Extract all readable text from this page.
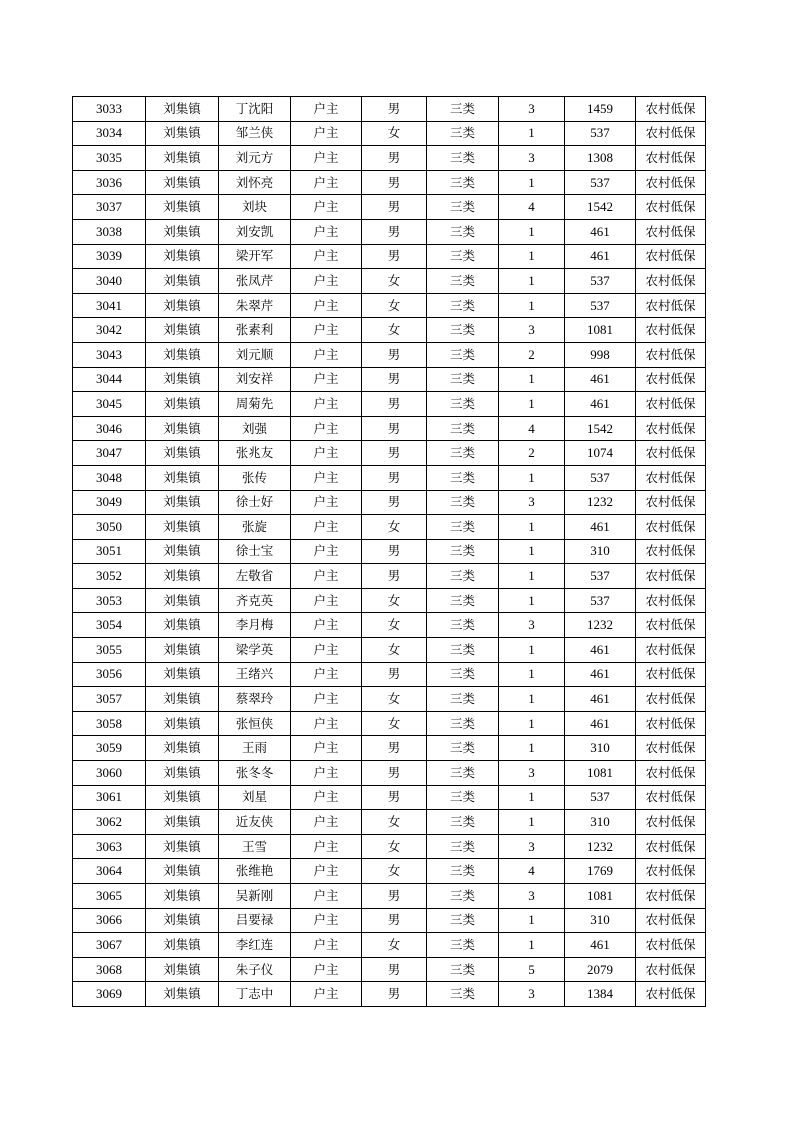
3033	刘集镇	丁沈阳	户主	男	三类	3	1459	农村低保
3034	刘集镇	邹兰侠	户主	女	三类	1	537	农村低保
3035	刘集镇	刘元方	户主	男	三类	3	1308	农村低保
3036	刘集镇	刘怀亮	户主	男	三类	1	537	农村低保
3037	刘集镇	刘块	户主	男	三类	4	1542	农村低保
3038	刘集镇	刘安凯	户主	男	三类	1	461	农村低保
3039	刘集镇	梁开军	户主	男	三类	1	461	农村低保
3040	刘集镇	张凤芹	户主	女	三类	1	537	农村低保
3041	刘集镇	朱翠芹	户主	女	三类	1	537	农村低保
3042	刘集镇	张素利	户主	女	三类	3	1081	农村低保
3043	刘集镇	刘元顺	户主	男	三类	2	998	农村低保
3044	刘集镇	刘安祥	户主	男	三类	1	461	农村低保
3045	刘集镇	周菊先	户主	男	三类	1	461	农村低保
3046	刘集镇	刘强	户主	男	三类	4	1542	农村低保
3047	刘集镇	张兆友	户主	男	三类	2	1074	农村低保
3048	刘集镇	张传	户主	男	三类	1	537	农村低保
3049	刘集镇	徐士好	户主	男	三类	3	1232	农村低保
3050	刘集镇	张旋	户主	女	三类	1	461	农村低保
3051	刘集镇	徐士宝	户主	男	三类	1	310	农村低保
3052	刘集镇	左敬省	户主	男	三类	1	537	农村低保
3053	刘集镇	齐克英	户主	女	三类	1	537	农村低保
3054	刘集镇	李月梅	户主	女	三类	3	1232	农村低保
3055	刘集镇	梁学英	户主	女	三类	1	461	农村低保
3056	刘集镇	王绪兴	户主	男	三类	1	461	农村低保
3057	刘集镇	蔡翠玲	户主	女	三类	1	461	农村低保
3058	刘集镇	张恒侠	户主	女	三类	1	461	农村低保
3059	刘集镇	王雨	户主	男	三类	1	310	农村低保
3060	刘集镇	张冬冬	户主	男	三类	3	1081	农村低保
3061	刘集镇	刘星	户主	男	三类	1	537	农村低保
3062	刘集镇	近友侠	户主	女	三类	1	310	农村低保
3063	刘集镇	王雪	户主	女	三类	3	1232	农村低保
3064	刘集镇	张维艳	户主	女	三类	4	1769	农村低保
3065	刘集镇	吴新刚	户主	男	三类	3	1081	农村低保
3066	刘集镇	吕要禄	户主	男	三类	1	310	农村低保
3067	刘集镇	李红连	户主	女	三类	1	461	农村低保
3068	刘集镇	朱子仪	户主	男	三类	5	2079	农村低保
3069	刘集镇	丁志中	户主	男	三类	3	1384	农村低保
